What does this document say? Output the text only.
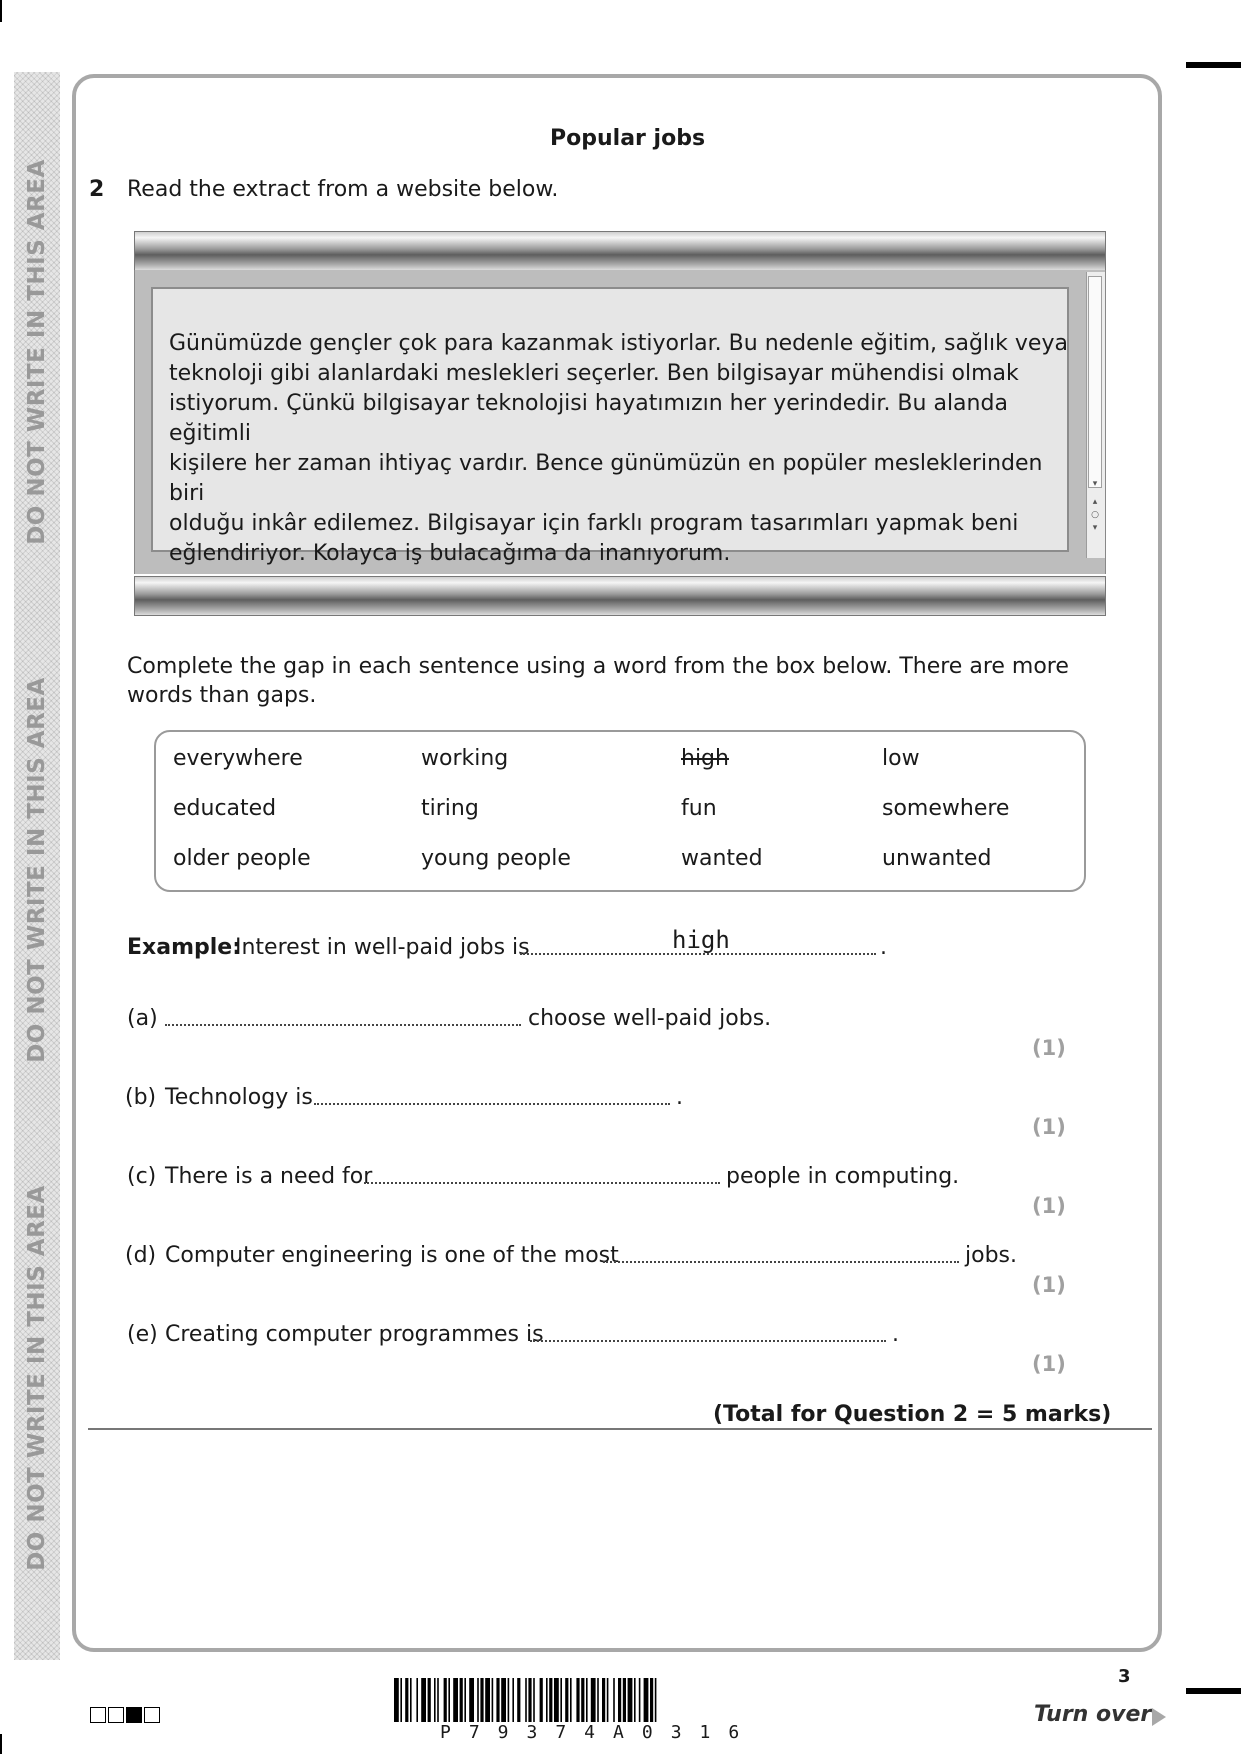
DO NOT WRITE IN THIS AREA
DO NOT WRITE IN THIS AREA
DO NOT WRITE IN THIS AREA
Popular jobs
2 Read the extract from a website below.
Günümüzde gençler çok para kazanmak istiyorlar. Bu nedenle eğitim, sağlık veya
teknoloji gibi alanlardaki meslekleri seçerler. Ben bilgisayar mühendisi olmak
istiyorum. Çünkü bilgisayar teknolojisi hayatımızın her yerindedir. Bu alanda eğitimli
kişilere her zaman ihtiyaç vardır. Bence günümüzün en popüler mesleklerinden biri
olduğu inkâr edilemez. Bilgisayar için farklı program tasarımları yapmak beni
eğlendiriyor. Kolayca iş bulacağıma da inanıyorum.
▾
▴
○
▾
Complete the gap in each sentence using a word from the box below. There are more
words than gaps.
everywhere	working	high	low
educated	tiring	fun	somewhere
older people	young people	wanted	unwanted
Example:
Interest in well-paid jobs is	high	.
(a)	choose well-paid jobs.
(1)
(b) Technology is	.
(1)
(c) There is a need for	people in computing.
(1)
(d) Computer engineering is one of the most	jobs.
(1)
(e) Creating computer programmes is	.
(1)
(Total for Question 2 = 5 marks)
P79374A0316
3
Turn over
